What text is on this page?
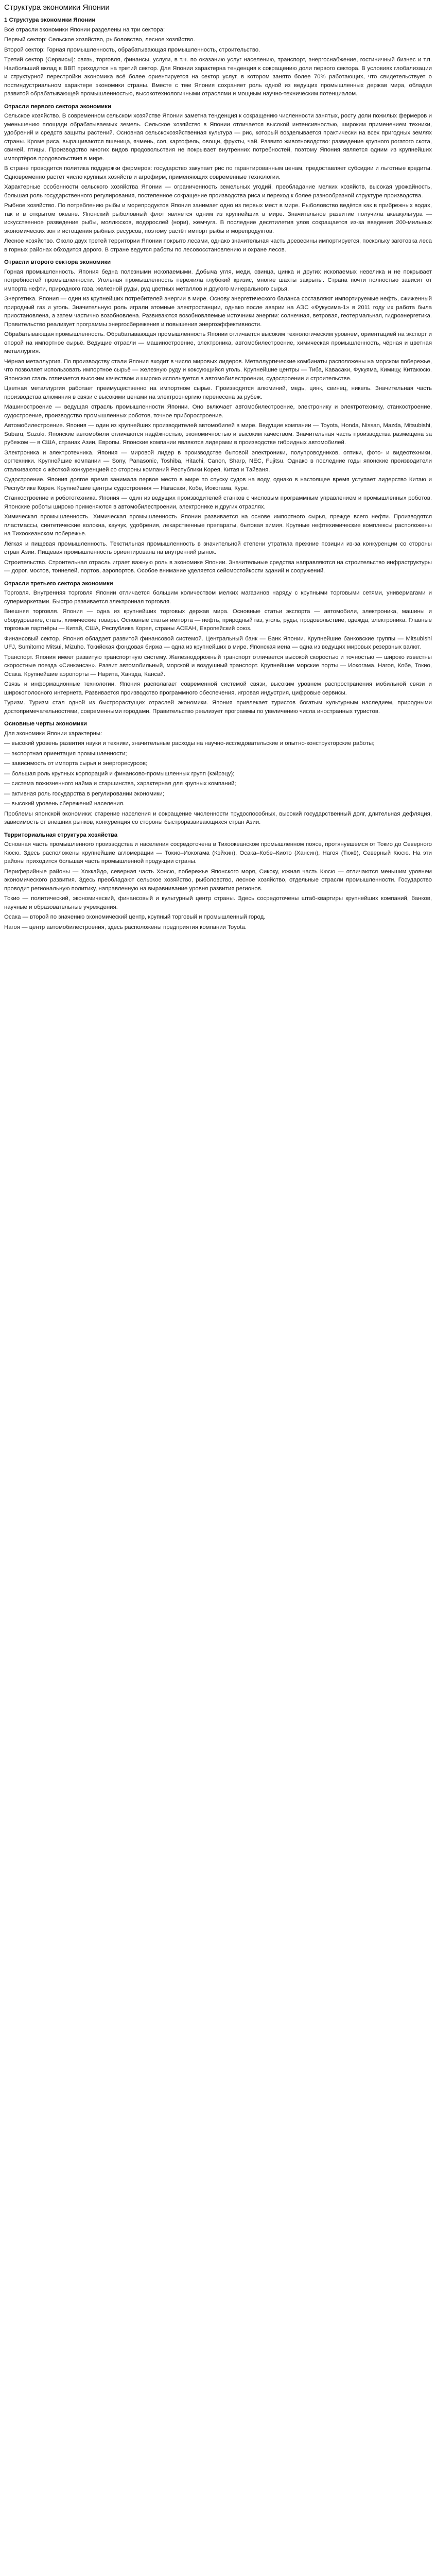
Структура экономики Японии
1 Структура экономики Японии

Всё отрасли экономики Японии разделены на три сектора:

Первый сектор: Сельское хозяйство, рыболовство, лесное хозяйство.

Второй сектор: Горная промышленность, обрабатывающая промышленность, строительство.

Третий сектор (Сервисы): связь, торговля, финансы, услуги, в т.ч. по оказанию услуг населению, транспорт, энергоснабжение, гостиничный бизнес и т.п. Наибольший вклад в ВВП приходится на третий сектор. Для Японии характерна тенденция к сокращению доли первого сектора. В условиях глобализации и структурной перестройки экономика всё более ориентируется на сектор услуг, в котором занято более 70% работающих, что свидетельствует о постиндустриальном характере экономики страны. Вместе с тем Япония сохраняет роль одной из ведущих промышленных держав мира, обладая развитой обрабатывающей промышленностью, высокотехнологичными отраслями и мощным научно-техническим потенциалом.

Отрасли первого сектора экономики

Сельское хозяйство. В современном сельском хозяйстве Японии заметна тенденция к сокращению численности занятых, росту доли пожилых фермеров и уменьшению площади обрабатываемых земель. Сельское хозяйство в Японии отличается высокой интенсивностью, широким применением техники, удобрений и средств защиты растений. Основная сельскохозяйственная культура — рис, который возделывается практически на всех пригодных землях страны. Кроме риса, выращиваются пшеница, ячмень, соя, картофель, овощи, фрукты, чай. Развито животноводство: разведение крупного рогатого скота, свиней, птицы. Производство многих видов продовольствия не покрывает внутренних потребностей, поэтому Япония является одним из крупнейших импортёров продовольствия в мире.

В стране проводится политика поддержки фермеров: государство закупает рис по гарантированным ценам, предоставляет субсидии и льготные кредиты. Одновременно растёт число крупных хозяйств и агрофирм, применяющих современные технологии.

Характерные особенности сельского хозяйства Японии — ограниченность земельных угодий, преобладание мелких хозяйств, высокая урожайность, большая роль государственного регулирования, постепенное сокращение производства риса и переход к более разнообразной структуре производства.

Рыбное хозяйство. По потреблению рыбы и морепродуктов Япония занимает одно из первых мест в мире. Рыболовство ведётся как в прибрежных водах, так и в открытом океане. Японский рыболовный флот является одним из крупнейших в мире. Значительное развитие получила аквакультура — искусственное разведение рыбы, моллюсков, водорослей (нори), жемчуга. В последние десятилетия улов сокращается из-за введения 200-мильных экономических зон и истощения рыбных ресурсов, поэтому растёт импорт рыбы и морепродуктов.

Лесное хозяйство. Около двух третей территории Японии покрыто лесами, однако значительная часть древесины импортируется, поскольку заготовка леса в горных районах обходится дорого. В стране ведутся работы по лесовосстановлению и охране лесов.

Отрасли второго сектора экономики

Горная промышленность. Япония бедна полезными ископаемыми. Добыча угля, меди, свинца, цинка и других ископаемых невелика и не покрывает потребностей промышленности. Угольная промышленность пережила глубокий кризис, многие шахты закрыты. Страна почти полностью зависит от импорта нефти, природного газа, железной руды, руд цветных металлов и другого минерального сырья.

Энергетика. Япония — один из крупнейших потребителей энергии в мире. Основу энергетического баланса составляют импортируемые нефть, сжиженный природный газ и уголь. Значительную роль играли атомные электростанции, однако после аварии на АЭС «Фукусима-1» в 2011 году их работа была приостановлена, а затем частично возобновлена. Развиваются возобновляемые источники энергии: солнечная, ветровая, геотермальная, гидроэнергетика. Правительство реализует программы энергосбережения и повышения энергоэффективности.

Обрабатывающая промышленность. Обрабатывающая промышленность Японии отличается высоким технологическим уровнем, ориентацией на экспорт и опорой на импортное сырьё. Ведущие отрасли — машиностроение, электроника, автомобилестроение, химическая промышленность, чёрная и цветная металлургия.

Чёрная металлургия. По производству стали Япония входит в число мировых лидеров. Металлургические комбинаты расположены на морском побережье, что позволяет использовать импортное сырьё — железную руду и коксующийся уголь. Крупнейшие центры — Тиба, Кавасаки, Фукуяма, Кимицу, Китакюсю. Японская сталь отличается высоким качеством и широко используется в автомобилестроении, судостроении и строительстве.

Цветная металлургия работает преимущественно на импортном сырье. Производятся алюминий, медь, цинк, свинец, никель. Значительная часть производства алюминия в связи с высокими ценами на электроэнергию перенесена за рубеж.

Машиностроение — ведущая отрасль промышленности Японии. Оно включает автомобилестроение, электронику и электротехнику, станкостроение, судостроение, производство промышленных роботов, точное приборостроение.

Автомобилестроение. Япония — один из крупнейших производителей автомобилей в мире. Ведущие компании — Toyota, Honda, Nissan, Mazda, Mitsubishi, Subaru, Suzuki. Японские автомобили отличаются надёжностью, экономичностью и высоким качеством. Значительная часть производства размещена за рубежом — в США, странах Азии, Европы. Японские компании являются лидерами в производстве гибридных автомобилей.

Электроника и электротехника. Япония — мировой лидер в производстве бытовой электроники, полупроводников, оптики, фото- и видеотехники, оргтехники. Крупнейшие компании — Sony, Panasonic, Toshiba, Hitachi, Canon, Sharp, NEC, Fujitsu. Однако в последние годы японские производители сталкиваются с жёсткой конкуренцией со стороны компаний Республики Корея, Китая и Тайваня.

Судостроение. Япония долгое время занимала первое место в мире по спуску судов на воду, однако в настоящее время уступает лидерство Китаю и Республике Корея. Крупнейшие центры судостроения — Нагасаки, Кобе, Иокогама, Куре.

Станкостроение и робототехника. Япония — один из ведущих производителей станков с числовым программным управлением и промышленных роботов. Японские роботы широко применяются в автомобилестроении, электронике и других отраслях.

Химическая промышленность. Химическая промышленность Японии развивается на основе импортного сырья, прежде всего нефти. Производятся пластмассы, синтетические волокна, каучук, удобрения, лекарственные препараты, бытовая химия. Крупные нефтехимические комплексы расположены на Тихоокеанском побережье.

Лёгкая и пищевая промышленность. Текстильная промышленность в значительной степени утратила прежние позиции из-за конкуренции со стороны стран Азии. Пищевая промышленность ориентирована на внутренний рынок.

Строительство. Строительная отрасль играет важную роль в экономике Японии. Значительные средства направляются на строительство инфраструктуры — дорог, мостов, тоннелей, портов, аэропортов. Особое внимание уделяется сейсмостойкости зданий и сооружений.

Отрасли третьего сектора экономики

Торговля. Внутренняя торговля Японии отличается большим количеством мелких магазинов наряду с крупными торговыми сетями, универмагами и супермаркетами. Быстро развивается электронная торговля.

Внешняя торговля. Япония — одна из крупнейших торговых держав мира. Основные статьи экспорта — автомобили, электроника, машины и оборудование, сталь, химические товары. Основные статьи импорта — нефть, природный газ, уголь, руды, продовольствие, одежда, электроника. Главные торговые партнёры — Китай, США, Республика Корея, страны АСЕАН, Европейский союз.

Финансовый сектор. Япония обладает развитой финансовой системой. Центральный банк — Банк Японии. Крупнейшие банковские группы — Mitsubishi UFJ, Sumitomo Mitsui, Mizuho. Токийская фондовая биржа — одна из крупнейших в мире. Японская иена — одна из ведущих мировых резервных валют.

Транспорт. Япония имеет развитую транспортную систему. Железнодорожный транспорт отличается высокой скоростью и точностью — широко известны скоростные поезда «Синкансэн». Развит автомобильный, морской и воздушный транспорт. Крупнейшие морские порты — Иокогама, Нагоя, Кобе, Токио, Осака. Крупнейшие аэропорты — Нарита, Ханэда, Кансай.

Связь и информационные технологии. Япония располагает современной системой связи, высоким уровнем распространения мобильной связи и широкополосного интернета. Развивается производство программного обеспечения, игровая индустрия, цифровые сервисы.

Туризм. Туризм стал одной из быстрорастущих отраслей экономики. Япония привлекает туристов богатым культурным наследием, природными достопримечательностями, современными городами. Правительство реализует программы по увеличению числа иностранных туристов.

Основные черты экономики

Для экономики Японии характерны:

— высокий уровень развития науки и техники, значительные расходы на научно-исследовательские и опытно-конструкторские работы;

— экспортная ориентация промышленности;

— зависимость от импорта сырья и энергоресурсов;

— большая роль крупных корпораций и финансово-промышленных групп (кэйрэцу);

— система пожизненного найма и старшинства, характерная для крупных компаний;

— активная роль государства в регулировании экономики;

— высокий уровень сбережений населения.

Проблемы японской экономики: старение населения и сокращение численности трудоспособных, высокий государственный долг, длительная дефляция, зависимость от внешних рынков, конкуренция со стороны быстроразвивающихся стран Азии.

Территориальная структура хозяйства

Основная часть промышленного производства и населения сосредоточена в Тихоокеанском промышленном поясе, протянувшемся от Токио до Северного Кюсю. Здесь расположены крупнейшие агломерации — Токио–Иокогама (Кэйхин), Осака–Кобе–Киото (Хансин), Нагоя (Тюкё), Северный Кюсю. На эти районы приходится большая часть промышленной продукции страны.

Периферийные районы — Хоккайдо, северная часть Хонсю, побережье Японского моря, Сикоку, южная часть Кюсю — отличаются меньшим уровнем экономического развития. Здесь преобладают сельское хозяйство, рыболовство, лесное хозяйство, отдельные отрасли промышленности. Государство проводит региональную политику, направленную на выравнивание уровня развития регионов.

Токио — политический, экономический, финансовый и культурный центр страны. Здесь сосредоточены штаб-квартиры крупнейших компаний, банков, научные и образовательные учреждения.

Осака — второй по значению экономический центр, крупный торговый и промышленный город.

Нагоя — центр автомобилестроения, здесь расположены предприятия компании Toyota.
